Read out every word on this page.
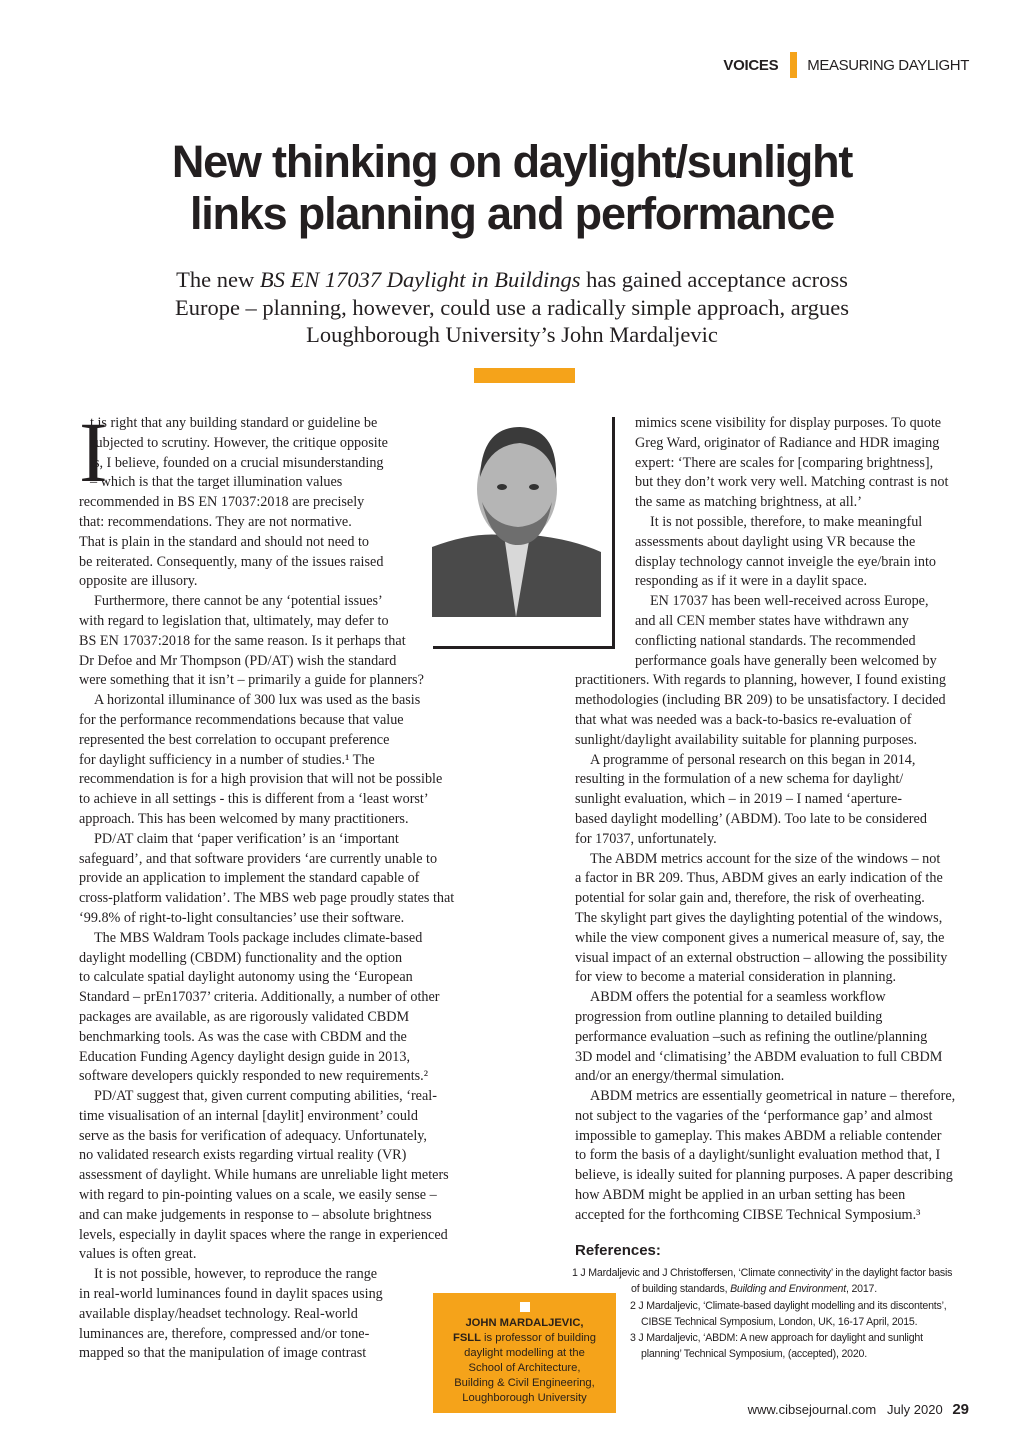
VOICES MEASURING DAYLIGHT
New thinking on daylight/sunlight
links planning and performance
The new BS EN 17037 Daylight in Buildings has gained acceptance across
Europe – planning, however, could use a radically simple approach, argues
Loughborough University’s John Mardaljevic
I
t is right that any building standard or guideline be
subjected to scrutiny. However, the critique opposite
is, I believe, founded on a crucial misunderstanding
– which is that the target illumination values
recommended in BS EN 17037:2018 are precisely
that: recommendations. They are not normative.
That is plain in the standard and should not need to
be reiterated. Consequently, many of the issues raised
opposite are illusory.
Furthermore, there cannot be any ‘potential issues’
with regard to legislation that, ultimately, may defer to
BS EN 17037:2018 for the same reason. Is it perhaps that
Dr Defoe and Mr Thompson (PD/AT) wish the standard
were something that it isn’t – primarily a guide for planners?
A horizontal illuminance of 300 lux was used as the basis
for the performance recommendations because that value
represented the best correlation to occupant preference
for daylight sufficiency in a number of studies.¹ The
recommendation is for a high provision that will not be possible
to achieve in all settings - this is different from a ‘least worst’
approach. This has been welcomed by many practitioners.
PD/AT claim that ‘paper verification’ is an ‘important
safeguard’, and that software providers ‘are currently unable to
provide an application to implement the standard capable of
cross-platform validation’. The MBS web page proudly states that
‘99.8% of right-to-light consultancies’ use their software.
The MBS Waldram Tools package includes climate-based
daylight modelling (CBDM) functionality and the option
to calculate spatial daylight autonomy using the ‘European
Standard – prEn17037’ criteria. Additionally, a number of other
packages are available, as are rigorously validated CBDM
benchmarking tools. As was the case with CBDM and the
Education Funding Agency daylight design guide in 2013,
software developers quickly responded to new requirements.²
PD/AT suggest that, given current computing abilities, ‘real-
time visualisation of an internal [daylit] environment’ could
serve as the basis for verification of adequacy. Unfortunately,
no validated research exists regarding virtual reality (VR)
assessment of daylight. While humans are unreliable light meters
with regard to pin-pointing values on a scale, we easily sense –
and can make judgements in response to – absolute brightness
levels, especially in daylit spaces where the range in experienced
values is often great.
It is not possible, however, to reproduce the range
in real-world luminances found in daylit spaces using
available display/headset technology. Real-world
luminances are, therefore, compressed and/or tone-
mapped so that the manipulation of image contrast
mimics scene visibility for display purposes. To quote
Greg Ward, originator of Radiance and HDR imaging
expert: ‘There are scales for [comparing brightness],
but they don’t work very well. Matching contrast is not
the same as matching brightness, at all.’
It is not possible, therefore, to make meaningful
assessments about daylight using VR because the
display technology cannot inveigle the eye/brain into
responding as if it were in a daylit space.
EN 17037 has been well-received across Europe,
and all CEN member states have withdrawn any
conflicting national standards. The recommended
performance goals have generally been welcomed by
practitioners. With regards to planning, however, I found existing
methodologies (including BR 209) to be unsatisfactory. I decided
that what was needed was a back-to-basics re-evaluation of
sunlight/daylight availability suitable for planning purposes.
A programme of personal research on this began in 2014,
resulting in the formulation of a new schema for daylight/
sunlight evaluation, which – in 2019 – I named ‘aperture-
based daylight modelling’ (ABDM). Too late to be considered
for 17037, unfortunately.
The ABDM metrics account for the size of the windows – not
a factor in BR 209. Thus, ABDM gives an early indication of the
potential for solar gain and, therefore, the risk of overheating.
The skylight part gives the daylighting potential of the windows,
while the view component gives a numerical measure of, say, the
visual impact of an external obstruction – allowing the possibility
for view to become a material consideration in planning.
ABDM offers the potential for a seamless workflow
progression from outline planning to detailed building
performance evaluation –such as refining the outline/planning
3D model and ‘climatising’ the ABDM evaluation to full CBDM
and/or an energy/thermal simulation.
ABDM metrics are essentially geometrical in nature – therefore,
not subject to the vagaries of the ‘performance gap’ and almost
impossible to gameplay. This makes ABDM a reliable contender
to form the basis of a daylight/sunlight evaluation method that, I
believe, is ideally suited for planning purposes. A paper describing
how ABDM might be applied in an urban setting has been
accepted for the forthcoming CIBSE Technical Symposium.³
JOHN MARDALJEVIC,
FSLL is professor of building
daylight modelling at the
School of Architecture,
Building & Civil Engineering,
Loughborough University
References:
1 J Mardaljevic and J Christoffersen, ‘Climate connectivity’ in the daylight factor basis
of building standards, Building and Environment, 2017.
2 J Mardaljevic, ‘Climate-based daylight modelling and its discontents’,
CIBSE Technical Symposium, London, UK, 16-17 April, 2015.
3 J Mardaljevic, ‘ABDM: A new approach for daylight and sunlight
planning’ Technical Symposium, (accepted), 2020.
www.cibsejournal.com July 2020 29
